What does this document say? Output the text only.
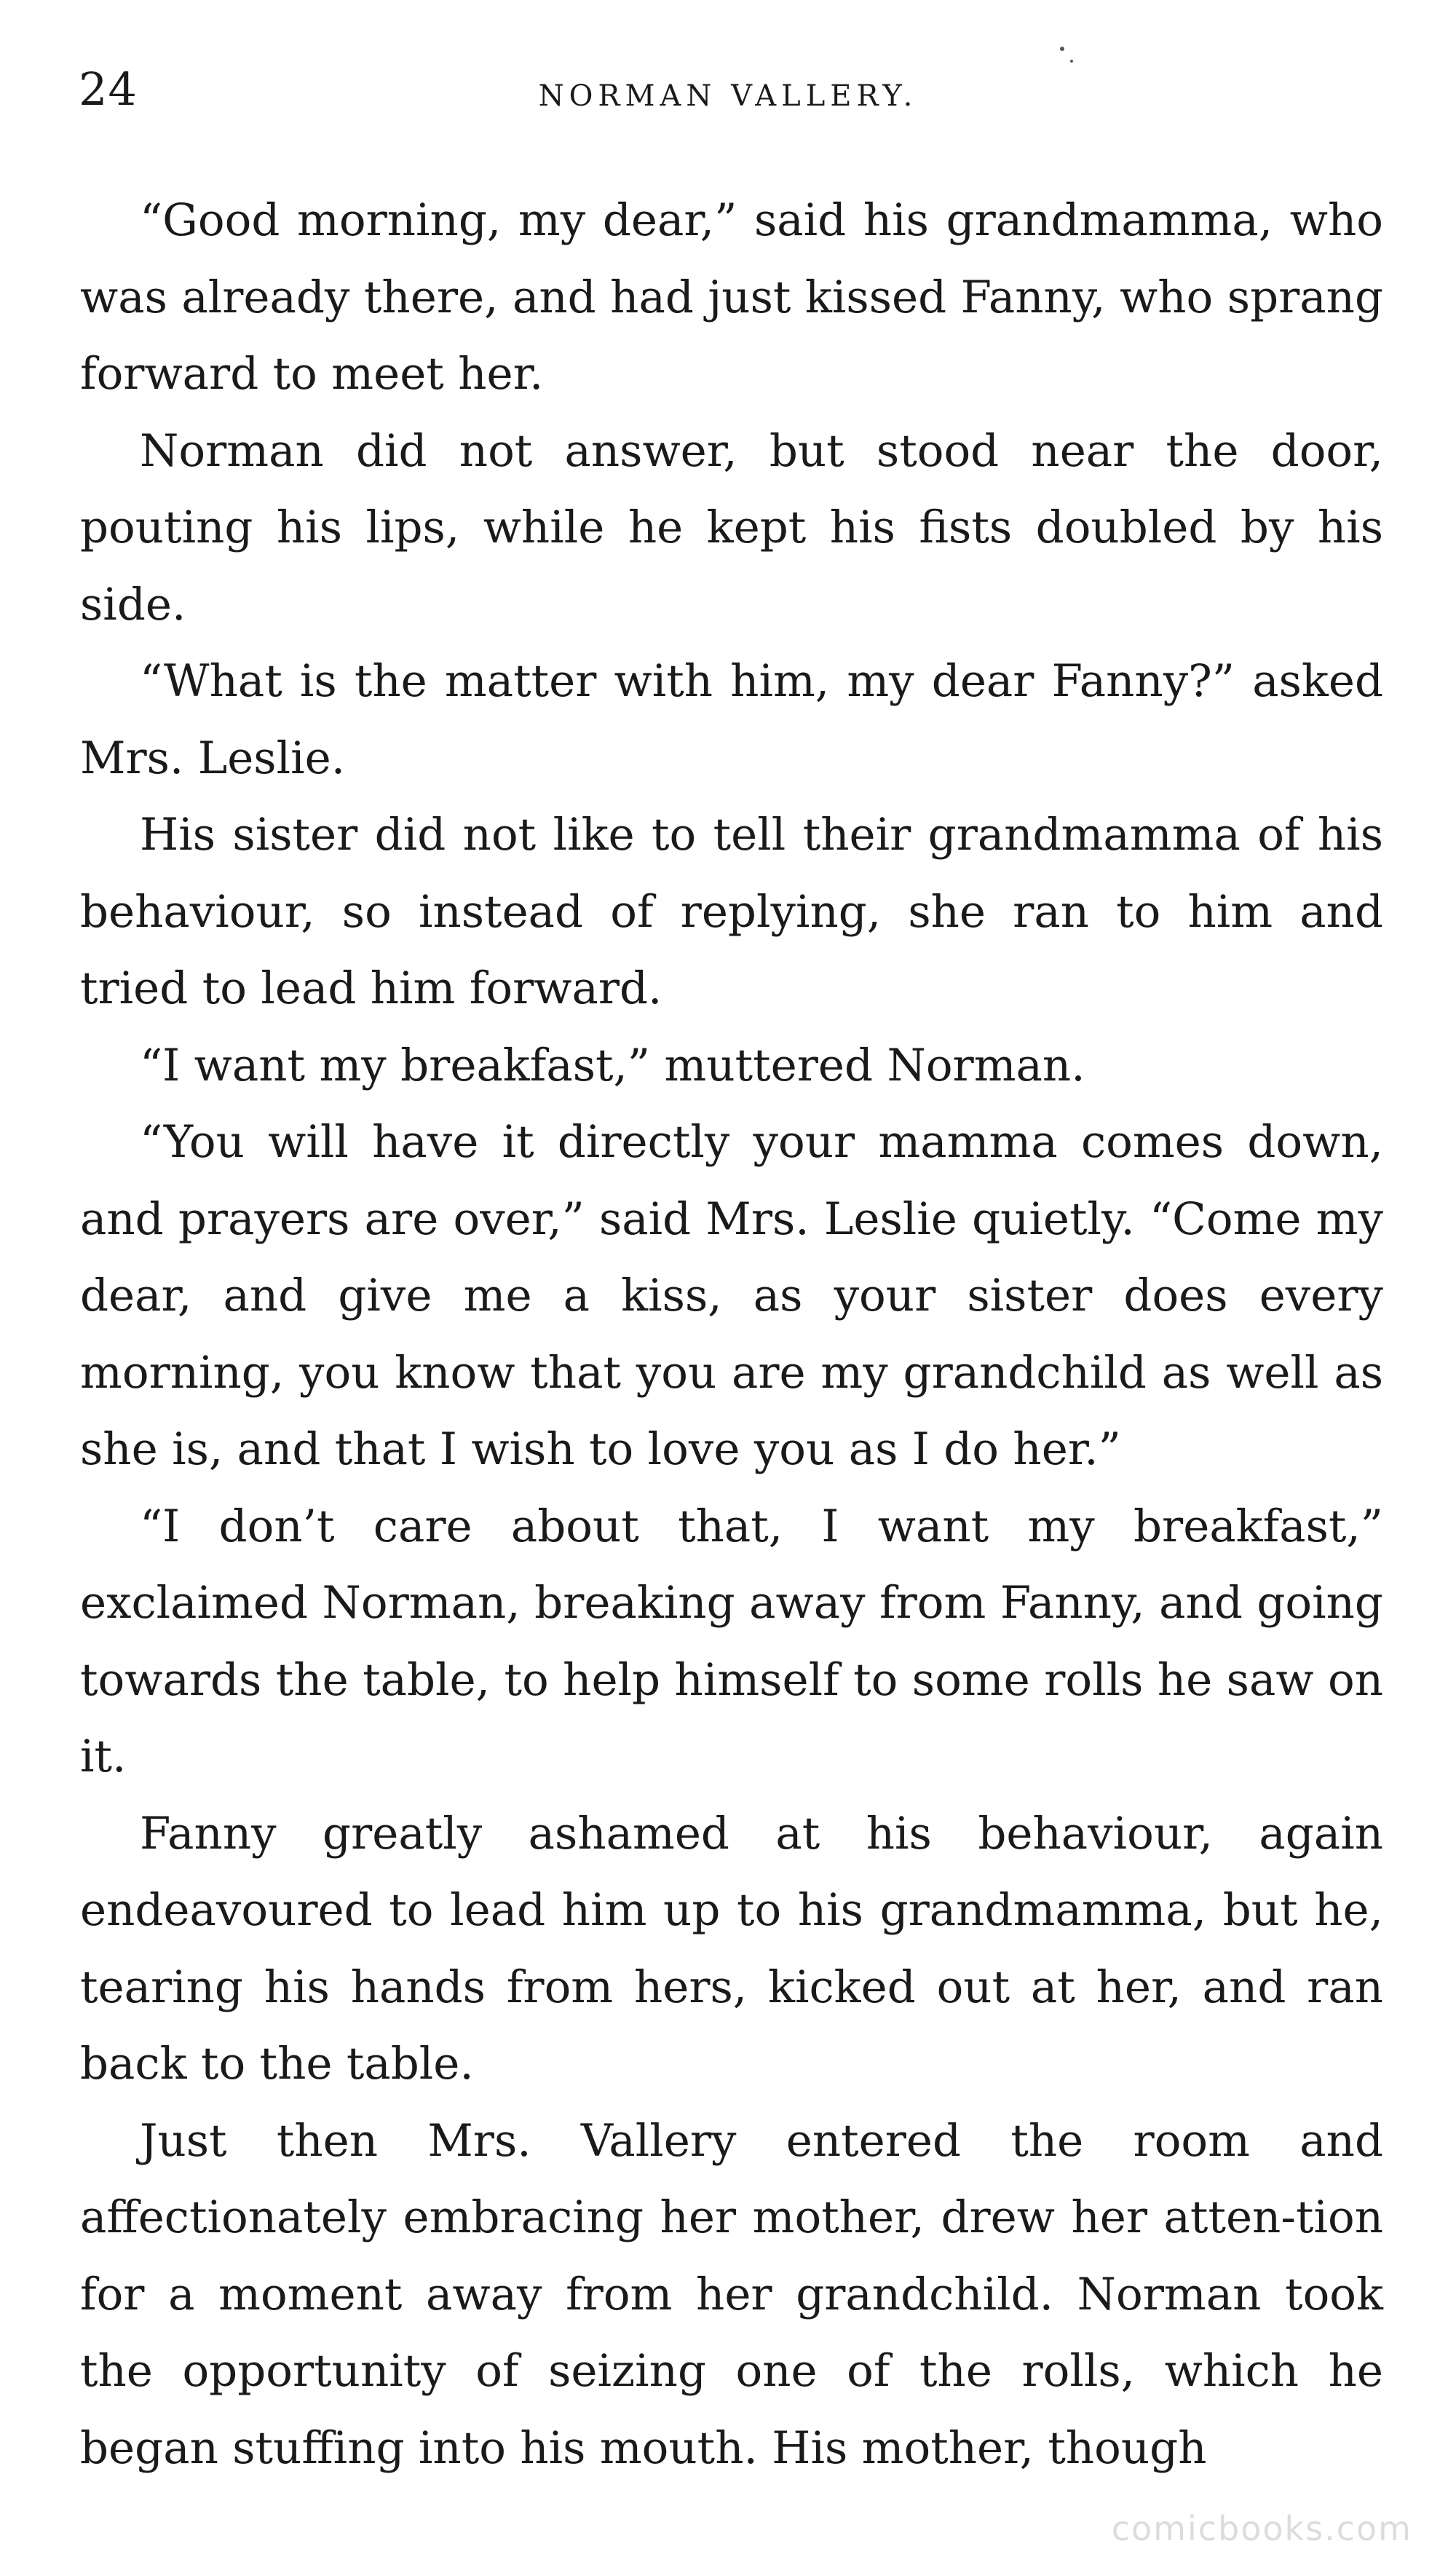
24	NORMAN VALLERY.

“Good morning, my dear,” said his grandmamma, who was already there, and had just kissed Fanny, who sprang forward to meet her.

Norman did not answer, but stood near the door, pouting his lips, while he kept his fists doubled by his side.

“What is the matter with him, my dear Fanny?” asked Mrs. Leslie.

His sister did not like to tell their grandmamma of his behaviour, so instead of replying, she ran to him and tried to lead him forward.

“I want my breakfast,” muttered Norman.

“You will have it directly your mamma comes down, and prayers are over,” said Mrs. Leslie quietly. “Come my dear, and give me a kiss, as your sister does every morning, you know that you are my grandchild as well as she is, and that I wish to love you as I do her.”

“I don’t care about that, I want my breakfast,” exclaimed Norman, breaking away from Fanny, and going towards the table, to help himself to some rolls he saw on it.

Fanny greatly ashamed at his behaviour, again endeavoured to lead him up to his grandmamma, but he, tearing his hands from hers, kicked out at her, and ran back to the table.

Just then Mrs. Vallery entered the room and affectionately embracing her mother, drew her atten-tion for a moment away from her grandchild. Norman took the opportunity of seizing one of the rolls, which he began stuffing into his mouth. His mother, though

comicbooks.com
